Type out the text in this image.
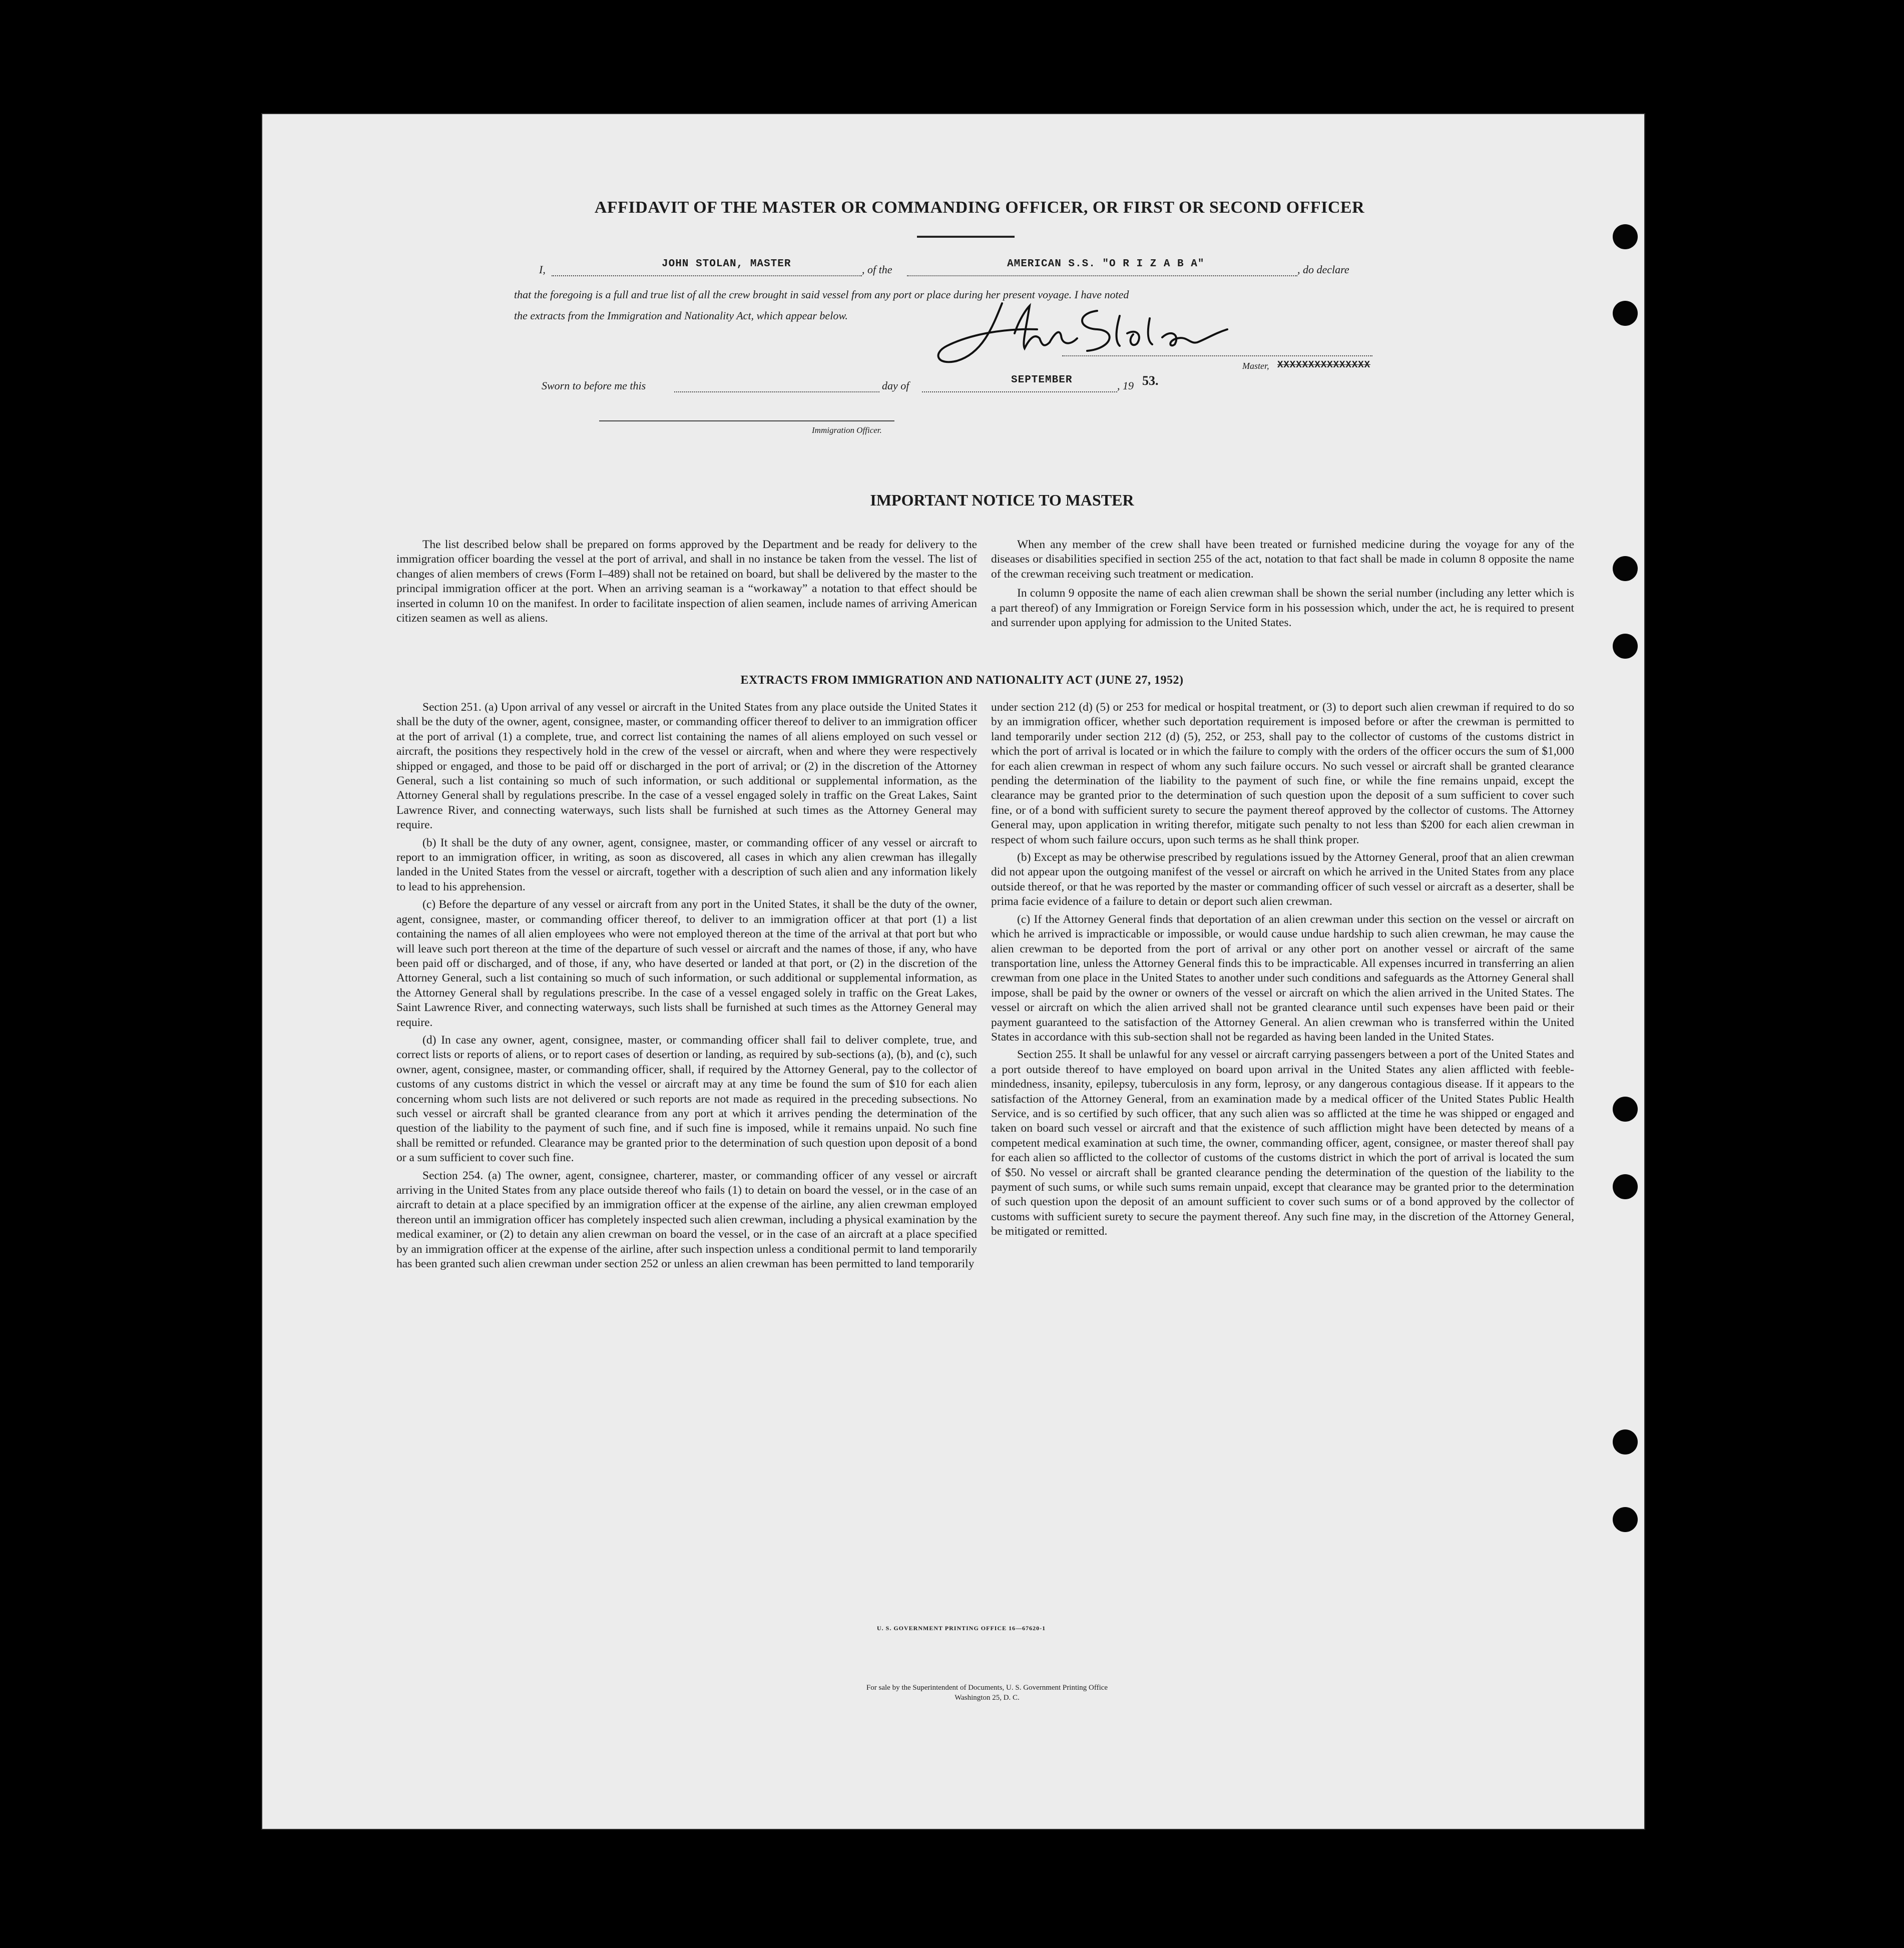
AFFIDAVIT OF THE MASTER OR COMMANDING OFFICER, OR FIRST OR SECOND OFFICER
I,	JOHN STOLAN, MASTER	, of the	AMERICAN S.S. "O R I Z A B A"	, do declare
that the foregoing is a full and true list of all the crew brought in said vessel from any port or place during her present voyage. I have noted
the extracts from the Immigration and Nationality Act, which appear below.
Master, XXXXXXXXXXXXXXX
Sworn to before me this	day of	SEPTEMBER	, 19 53.
Immigration Officer.
IMPORTANT NOTICE TO MASTER

The list described below shall be prepared on forms approved by the Department and be ready for delivery to the immigration officer boarding the vessel at the port of arrival, and shall in no instance be taken from the vessel. The list of changes of alien members of crews (Form I–489) shall not be retained on board, but shall be delivered by the master to the principal immigration officer at the port. When an arriving seaman is a “workaway” a notation to that effect should be inserted in column 10 on the manifest. In order to facilitate inspection of alien seamen, include names of arriving American citizen seamen as well as aliens.

When any member of the crew shall have been treated or furnished medicine during the voyage for any of the diseases or disabilities specified in section 255 of the act, notation to that fact shall be made in column 8 opposite the name of the crewman receiving such treatment or medication.

In column 9 opposite the name of each alien crewman shall be shown the serial number (including any letter which is a part thereof) of any Immigration or Foreign Service form in his possession which, under the act, he is required to present and surrender upon applying for admission to the United States.

EXTRACTS FROM IMMIGRATION AND NATIONALITY ACT (JUNE 27, 1952)

Section 251. (a) Upon arrival of any vessel or aircraft in the United States from any place outside the United States it shall be the duty of the owner, agent, consignee, master, or commanding officer thereof to deliver to an immigration officer at the port of arrival (1) a complete, true, and correct list containing the names of all aliens employed on such vessel or aircraft, the positions they respectively hold in the crew of the vessel or aircraft, when and where they were respectively shipped or engaged, and those to be paid off or discharged in the port of arrival; or (2) in the discretion of the Attorney General, such a list containing so much of such information, or such additional or supplemental information, as the Attorney General shall by regulations prescribe. In the case of a vessel engaged solely in traffic on the Great Lakes, Saint Lawrence River, and connecting waterways, such lists shall be furnished at such times as the Attorney General may require.

(b) It shall be the duty of any owner, agent, consignee, master, or commanding officer of any vessel or aircraft to report to an immigration officer, in writing, as soon as discovered, all cases in which any alien crewman has illegally landed in the United States from the vessel or aircraft, together with a description of such alien and any information likely to lead to his apprehension.

(c) Before the departure of any vessel or aircraft from any port in the United States, it shall be the duty of the owner, agent, consignee, master, or commanding officer thereof, to deliver to an immigration officer at that port (1) a list containing the names of all alien employees who were not employed thereon at the time of the arrival at that port but who will leave such port thereon at the time of the departure of such vessel or aircraft and the names of those, if any, who have been paid off or discharged, and of those, if any, who have deserted or landed at that port, or (2) in the discretion of the Attorney General, such a list containing so much of such information, or such additional or supplemental information, as the Attorney General shall by regulations prescribe. In the case of a vessel engaged solely in traffic on the Great Lakes, Saint Lawrence River, and connecting waterways, such lists shall be furnished at such times as the Attorney General may require.

(d) In case any owner, agent, consignee, master, or commanding officer shall fail to deliver complete, true, and correct lists or reports of aliens, or to report cases of desertion or landing, as required by sub-sections (a), (b), and (c), such owner, agent, consignee, master, or commanding officer, shall, if required by the Attorney General, pay to the collector of customs of any customs district in which the vessel or aircraft may at any time be found the sum of $10 for each alien concerning whom such lists are not delivered or such reports are not made as required in the preceding subsections. No such vessel or aircraft shall be granted clearance from any port at which it arrives pending the determination of the question of the liability to the payment of such fine, and if such fine is imposed, while it remains unpaid. No such fine shall be remitted or refunded. Clearance may be granted prior to the determination of such question upon deposit of a bond or a sum sufficient to cover such fine.

Section 254. (a) The owner, agent, consignee, charterer, master, or commanding officer of any vessel or aircraft arriving in the United States from any place outside thereof who fails (1) to detain on board the vessel, or in the case of an aircraft to detain at a place specified by an immigration officer at the expense of the airline, any alien crewman employed thereon until an immigration officer has completely inspected such alien crewman, including a physical examination by the medical examiner, or (2) to detain any alien crewman on board the vessel, or in the case of an aircraft at a place specified by an immigration officer at the expense of the airline, after such inspection unless a conditional permit to land temporarily has been granted such alien crewman under section 252 or unless an alien crewman has been permitted to land temporarily

under section 212 (d) (5) or 253 for medical or hospital treatment, or (3) to deport such alien crewman if required to do so by an immigration officer, whether such deportation requirement is imposed before or after the crewman is permitted to land temporarily under section 212 (d) (5), 252, or 253, shall pay to the collector of customs of the customs district in which the port of arrival is located or in which the failure to comply with the orders of the officer occurs the sum of $1,000 for each alien crewman in respect of whom any such failure occurs. No such vessel or aircraft shall be granted clearance pending the determination of the liability to the payment of such fine, or while the fine remains unpaid, except the clearance may be granted prior to the determination of such question upon the deposit of a sum sufficient to cover such fine, or of a bond with sufficient surety to secure the payment thereof approved by the collector of customs. The Attorney General may, upon application in writing therefor, mitigate such penalty to not less than $200 for each alien crewman in respect of whom such failure occurs, upon such terms as he shall think proper.

(b) Except as may be otherwise prescribed by regulations issued by the Attorney General, proof that an alien crewman did not appear upon the outgoing manifest of the vessel or aircraft on which he arrived in the United States from any place outside thereof, or that he was reported by the master or commanding officer of such vessel or aircraft as a deserter, shall be prima facie evidence of a failure to detain or deport such alien crewman.

(c) If the Attorney General finds that deportation of an alien crewman under this section on the vessel or aircraft on which he arrived is impracticable or impossible, or would cause undue hardship to such alien crewman, he may cause the alien crewman to be deported from the port of arrival or any other port on another vessel or aircraft of the same transportation line, unless the Attorney General finds this to be impracticable. All expenses incurred in transferring an alien crewman from one place in the United States to another under such conditions and safeguards as the Attorney General shall impose, shall be paid by the owner or owners of the vessel or aircraft on which the alien arrived in the United States. The vessel or aircraft on which the alien arrived shall not be granted clearance until such expenses have been paid or their payment guaranteed to the satisfaction of the Attorney General. An alien crewman who is transferred within the United States in accordance with this sub-section shall not be regarded as having been landed in the United States.

Section 255. It shall be unlawful for any vessel or aircraft carrying passengers between a port of the United States and a port outside thereof to have employed on board upon arrival in the United States any alien afflicted with feeble-mindedness, insanity, epilepsy, tuberculosis in any form, leprosy, or any dangerous contagious disease. If it appears to the satisfaction of the Attorney General, from an examination made by a medical officer of the United States Public Health Service, and is so certified by such officer, that any such alien was so afflicted at the time he was shipped or engaged and taken on board such vessel or aircraft and that the existence of such affliction might have been detected by means of a competent medical examination at such time, the owner, commanding officer, agent, consignee, or master thereof shall pay for each alien so afflicted to the collector of customs of the customs district in which the port of arrival is located the sum of $50. No vessel or aircraft shall be granted clearance pending the determination of the question of the liability to the payment of such sums, or while such sums remain unpaid, except that clearance may be granted prior to the determination of such question upon the deposit of an amount sufficient to cover such sums or of a bond approved by the collector of customs with sufficient surety to secure the payment thereof. Any such fine may, in the discretion of the Attorney General, be mitigated or remitted.

U. S. GOVERNMENT PRINTING OFFICE 16—67620-1
For sale by the Superintendent of Documents, U. S. Government Printing Office
Washington 25, D. C.
